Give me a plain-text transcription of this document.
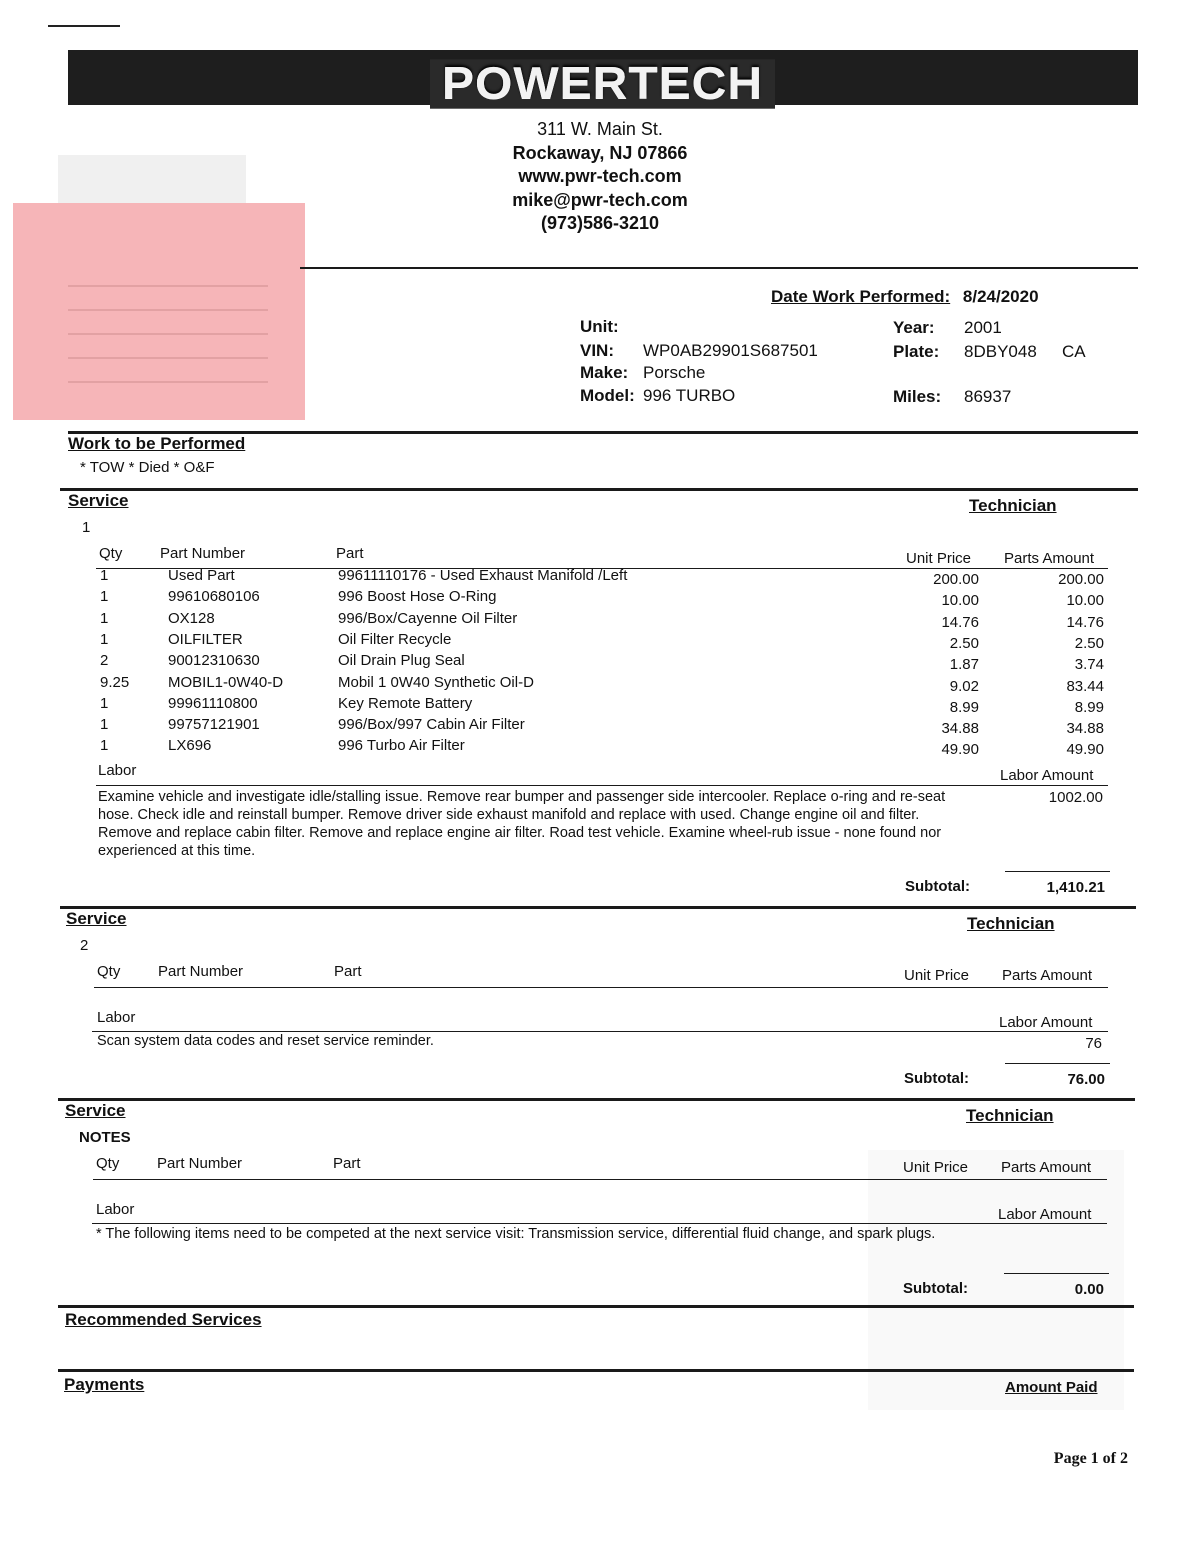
POWERTECH
311 W. Main St.
Rockaway, NJ 07866
www.pwr-tech.com
mike@pwr-tech.com
(973)586-3210
Date Work Performed: 8/24/2020
Unit:
VIN: WP0AB29901S687501
Make: Porsche
Model: 996 TURBO
Year: 2001
Plate: 8DBY048 CA
Miles: 86937
Work to be Performed
* TOW * Died * O&F
Service	Technician
1
Qty	Part Number	Part	Unit Price Parts Amount
1	Used Part	99611110176 - Used Exhaust Manifold /Left	200.00	200.00
1	99610680106	996 Boost Hose O-Ring	10.00	10.00
1	OX128	996/Box/Cayenne Oil Filter	14.76	14.76
1	OILFILTER	Oil Filter Recycle	2.50	2.50
2	90012310630	Oil Drain Plug Seal	1.87	3.74
9.25	MOBIL1-0W40-D	Mobil 1 0W40 Synthetic Oil-D	9.02	83.44
1	99961110800	Key Remote Battery	8.99	8.99
1	99757121901	996/Box/997 Cabin Air Filter	34.88	34.88
1	LX696	996 Turbo Air Filter	49.90	49.90
Labor	Labor Amount
Examine vehicle and investigate idle/stalling issue. Remove rear bumper and passenger side intercooler. Replace o-ring and re-seat hose. Check idle and reinstall bumper. Remove driver side exhaust manifold and replace with used. Change engine oil and filter. Remove and replace cabin filter. Remove and replace engine air filter. Road test vehicle. Examine wheel-rub issue - none found nor experienced at this time.
1002.00
Subtotal:	1,410.21
Service	Technician
2
Qty	Part Number	Part	Unit Price Parts Amount
Labor	Labor Amount
Scan system data codes and reset service reminder.	76
Subtotal:	76.00
Service	Technician
NOTES
Qty	Part Number	Part	Unit Price Parts Amount
Labor	Labor Amount
* The following items need to be competed at the next service visit: Transmission service, differential fluid change, and spark plugs.
Subtotal:	0.00
Recommended Services
Payments	Amount Paid
Page 1 of 2
